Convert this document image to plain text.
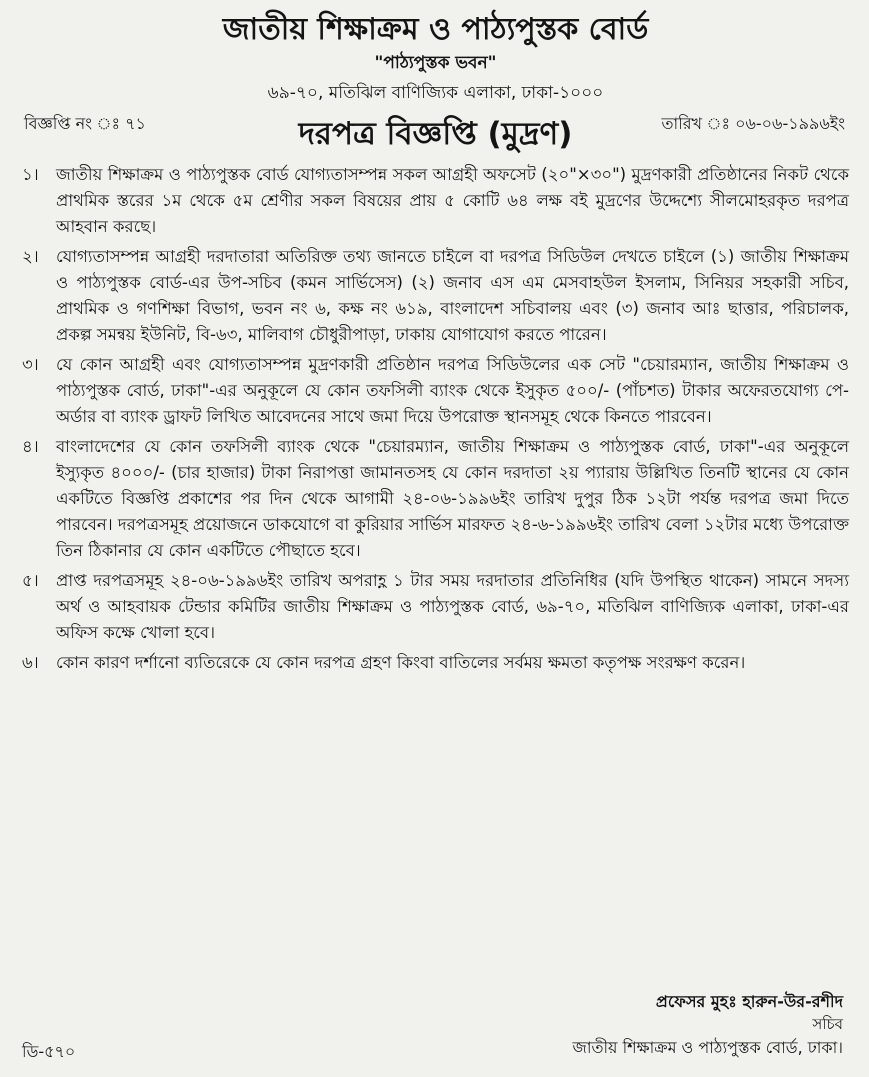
জাতীয় শিক্ষাক্রম ও পাঠ্যপুস্তক বোর্ড

"পাঠ্যপুস্তক ভবন"

৬৯-৭০, মতিঝিল বাণিজ্যিক এলাকা, ঢাকা-১০০০

বিজ্ঞপ্তি নং ঃ ৭১	দরপত্র বিজ্ঞপ্তি (মুদ্রণ)	তারিখ ঃ ০৬-০৬-১৯৯৬ইং
১।	জাতীয় শিক্ষাক্রম ও পাঠ্যপুস্তক বোর্ড যোগ্যতাসম্পন্ন সকল আগ্রহী অফসেট (২০"×৩০") মুদ্রণকারী প্রতিষ্ঠানের নিকট থেকে প্রাথমিক স্তরের ১ম থেকে ৫ম শ্রেণীর সকল বিষয়ের প্রায় ৫ কোটি ৬৪ লক্ষ বই মুদ্রণের উদ্দেশ্যে সীলমোহরকৃত দরপত্র আহবান করছে।
২।	যোগ্যতাসম্পন্ন আগ্রহী দরদাতারা অতিরিক্ত তথ্য জানতে চাইলে বা দরপত্র সিডিউল দেখতে চাইলে (১) জাতীয় শিক্ষাক্রম ও পাঠ্যপুস্তক বোর্ড-এর উপ-সচিব (কমন সার্ভিসেস) (২) জনাব এস এম মেসবাহউল ইসলাম, সিনিয়র সহকারী সচিব, প্রাথমিক ও গণশিক্ষা বিভাগ, ভবন নং ৬, কক্ষ নং ৬১৯, বাংলাদেশ সচিবালয় এবং (৩) জনাব আঃ ছাত্তার, পরিচালক, প্রকল্প সমন্বয় ইউনিট, বি-৬৩, মালিবাগ চৌধুরীপাড়া, ঢাকায় যোগাযোগ করতে পারেন।
৩।	যে কোন আগ্রহী এবং যোগ্যতাসম্পন্ন মুদ্রণকারী প্রতিষ্ঠান দরপত্র সিডিউলের এক সেট "চেয়ারম্যান, জাতীয় শিক্ষাক্রম ও পাঠ্যপুস্তক বোর্ড, ঢাকা"-এর অনুকূলে যে কোন তফসিলী ব্যাংক থেকে ইসুকৃত ৫০০/- (পাঁচশত) টাকার অফেরতযোগ্য পে-অর্ডার বা ব্যাংক ড্রাফট লিখিত আবেদনের সাথে জমা দিয়ে উপরোক্ত স্থানসমূহ থেকে কিনতে পারবেন।
৪।	বাংলাদেশের যে কোন তফসিলী ব্যাংক থেকে "চেয়ারম্যান, জাতীয় শিক্ষাক্রম ও পাঠ্যপুস্তক বোর্ড, ঢাকা"-এর অনুকূলে ইস্যুকৃত ৪০০০/- (চার হাজার) টাকা নিরাপত্তা জামানতসহ যে কোন দরদাতা ২য় প্যারায় উল্লিখিত তিনটি স্থানের যে কোন একটিতে বিজ্ঞপ্তি প্রকাশের পর দিন থেকে আগামী ২৪-০৬-১৯৯৬ইং তারিখ দুপুর ঠিক ১২টা পর্যন্ত দরপত্র জমা দিতে পারবেন। দরপত্রসমূহ প্রয়োজনে ডাকযোগে বা কুরিয়ার সার্ভিস মারফত ২৪-৬-১৯৯৬ইং তারিখ বেলা ১২টার মধ্যে উপরোক্ত তিন ঠিকানার যে কোন একটিতে পৌছাতে হবে।
৫।	প্রাপ্ত দরপত্রসমূহ ২৪-০৬-১৯৯৬ইং তারিখ অপরাহ্ণ ১ টার সময় দরদাতার প্রতিনিধির (যদি উপস্থিত থাকেন) সামনে সদস্য অর্থ ও আহবায়ক টেন্ডার কমিটির জাতীয় শিক্ষাক্রম ও পাঠ্যপুস্তক বোর্ড, ৬৯-৭০, মতিঝিল বাণিজ্যিক এলাকা, ঢাকা-এর অফিস কক্ষে খোলা হবে।
৬।	কোন কারণ দর্শানো ব্যতিরেকে যে কোন দরপত্র গ্রহণ কিংবা বাতিলের সর্বময় ক্ষমতা কতৃপক্ষ সংরক্ষণ করেন।
প্রফেসর মুহঃ হারুন-উর-রশীদ
সচিব
জাতীয় শিক্ষাক্রম ও পাঠ্যপুস্তক বোর্ড, ঢাকা।
ডি-৫৭০
